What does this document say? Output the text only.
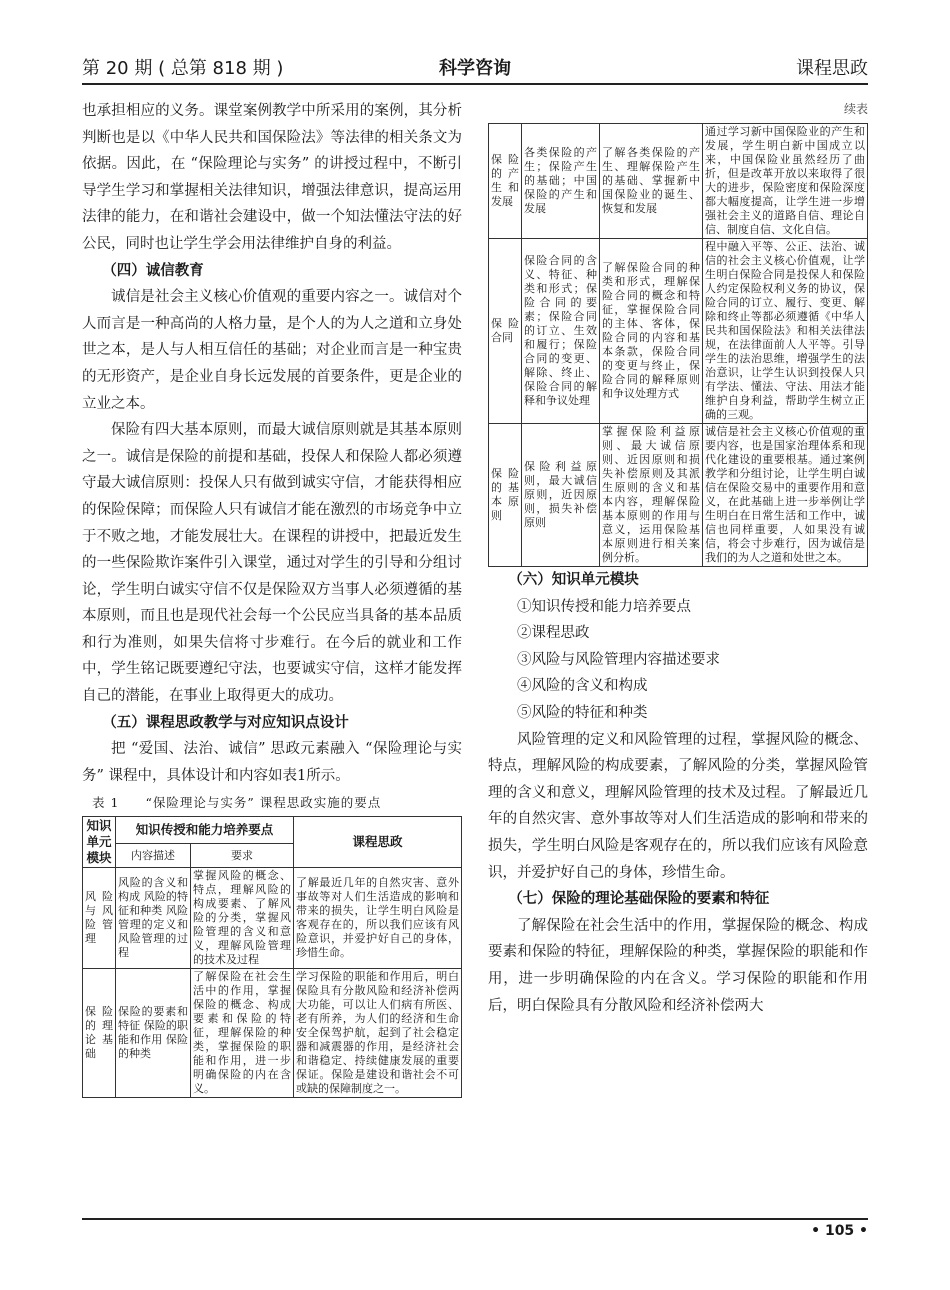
第 20 期 ( 总第 818 期 )	科学咨询	课程思政

也承担相应的义务。课堂案例教学中所采用的案例，其分析判断也是以《中华人民共和国保险法》等法律的相关条文为依据。因此，在 “保险理论与实务” 的讲授过程中，不断引导学生学习和掌握相关法律知识，增强法律意识，提高运用法律的能力，在和谐社会建设中，做一个知法懂法守法的好公民，同时也让学生学会用法律维护自身的利益。

（四）诚信教育

诚信是社会主义核心价值观的重要内容之一。诚信对个人而言是一种高尚的人格力量，是个人的为人之道和立身处世之本，是人与人相互信任的基础；对企业而言是一种宝贵的无形资产，是企业自身长远发展的首要条件，更是企业的立业之本。

保险有四大基本原则，而最大诚信原则就是其基本原则之一。诚信是保险的前提和基础，投保人和保险人都必须遵守最大诚信原则：投保人只有做到诚实守信，才能获得相应的保险保障；而保险人只有诚信才能在激烈的市场竞争中立于不败之地，才能发展壮大。在课程的讲授中，把最近发生的一些保险欺诈案件引入课堂，通过对学生的引导和分组讨论，学生明白诚实守信不仅是保险双方当事人必须遵循的基本原则，而且也是现代社会每一个公民应当具备的基本品质和行为准则，如果失信将寸步难行。在今后的就业和工作中，学生铭记既要遵纪守法，也要诚实守信，这样才能发挥自己的潜能，在事业上取得更大的成功。

（五）课程思政教学与对应知识点设计

把 “爱国、法治、诚信” 思政元素融入 “保险理论与实务” 课程中，具体设计和内容如表1所示。

表 1 “保险理论与实务” 课程思政实施的要点
知识单元模块	知识传授和能力培养要点		课程思政
	内容描述	要求	
风险与风险管理	风险的含义和构成 风险的特征和种类 风险管理的定义和风险管理的过程	掌握风险的概念、特点，理解风险的构成要素、了解风险的分类，掌握风险管理的含义和意义，理解风险管理的技术及过程	了解最近几年的自然灾害、意外事故等对人们生活造成的影响和带来的损失，让学生明白风险是客观存在的，所以我们应该有风险意识，并爱护好自己的身体，珍惜生命。
保险的理论基础	保险的要素和特征 保险的职能和作用 保险的种类	了解保险在社会生活中的作用，掌握保险的概念、构成要素和保险的特征，理解保险的种类，掌握保险的职能和作用，进一步明确保险的内在含义。	学习保险的职能和作用后，明白保险具有分散风险和经济补偿两大功能，可以让人们病有所医、老有所养，为人们的经济和生命安全保驾护航，起到了社会稳定器和减震器的作用，是经济社会和谐稳定、持续健康发展的重要保证。保险是建设和谐社会不可或缺的保障制度之一。
续表
保险的产生和发展	各类保险的产生；保险产生的基础；中国保险的产生和发展	了解各类保险的产生、理解保险产生的基础、掌握新中国保险业的诞生、恢复和发展	通过学习新中国保险业的产生和发展，学生明白新中国成立以来，中国保险业虽然经历了曲折，但是改革开放以来取得了很大的进步，保险密度和保险深度都大幅度提高，让学生进一步增强社会主义的道路自信、理论自信、制度自信、文化自信。
保险合同	保险合同的含义、特征、种类和形式；保险合同的要素；保险合同的订立、生效和履行；保险合同的变更、解除、终止、保险合同的解释和争议处理	了解保险合同的种类和形式，理解保险合同的概念和特征，掌握保险合同的主体、客体，保险合同的内容和基本条款，保险合同的变更与终止，保险合同的解释原则和争议处理方式	程中融入平等、公正、法治、诚信的社会主义核心价值观，让学生明白保险合同是投保人和保险人约定保险权利义务的协议，保险合同的订立、履行、变更、解除和终止等都必须遵循《中华人民共和国保险法》和相关法律法规，在法律面前人人平等。引导学生的法治思维，增强学生的法治意识，让学生认识到投保人只有学法、懂法、守法、用法才能维护自身利益，帮助学生树立正确的三观。
保险的基本原则	保险利益原则，最大诚信原则，近因原则，损失补偿原则	掌握保险利益原则、最大诚信原则、近因原则和损失补偿原则及其派生原则的含义和基本内容，理解保险基本原则的作用与意义，运用保险基本原则进行相关案例分析。	诚信是社会主义核心价值观的重要内容，也是国家治理体系和现代化建设的重要根基。通过案例教学和分组讨论，让学生明白诚信在保险交易中的重要作用和意义，在此基础上进一步举例让学生明白在日常生活和工作中，诚信也同样重要，人如果没有诚信，将会寸步难行，因为诚信是我们的为人之道和处世之本。

（六）知识单元模块

①知识传授和能力培养要点

②课程思政

③风险与风险管理内容描述要求

④风险的含义和构成

⑤风险的特征和种类

风险管理的定义和风险管理的过程，掌握风险的概念、特点，理解风险的构成要素，了解风险的分类，掌握风险管理的含义和意义，理解风险管理的技术及过程。了解最近几年的自然灾害、意外事故等对人们生活造成的影响和带来的损失，学生明白风险是客观存在的，所以我们应该有风险意识，并爱护好自己的身体，珍惜生命。

（七）保险的理论基础保险的要素和特征

了解保险在社会生活中的作用，掌握保险的概念、构成要素和保险的特征，理解保险的种类，掌握保险的职能和作用，进一步明确保险的内在含义。学习保险的职能和作用后，明白保险具有分散风险和经济补偿两大

• 105 •
